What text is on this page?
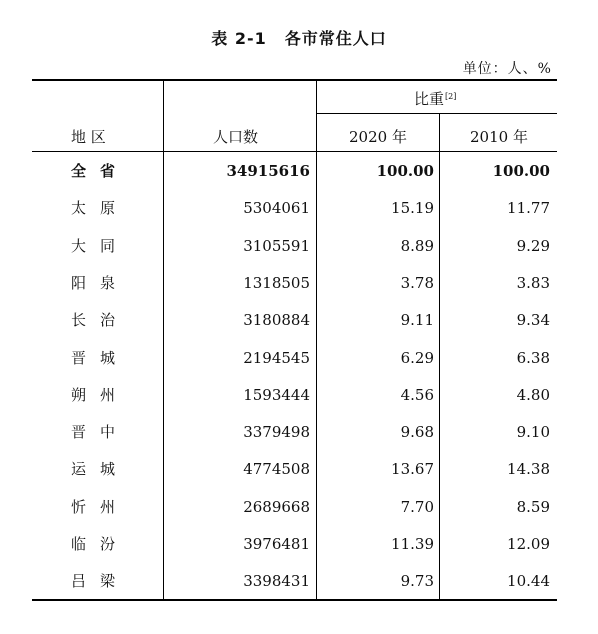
表 2-1 各市常住人口
单位：人、%
地 区	人口数
比重[2]
2020 年	2010 年
全省	34915616	100.00	100.00
太原	5304061	15.19	11.77
大同	3105591	8.89	9.29
阳泉	1318505	3.78	3.83
长治	3180884	9.11	9.34
晋城	2194545	6.29	6.38
朔州	1593444	4.56	4.80
晋中	3379498	9.68	9.10
运城	4774508	13.67	14.38
忻州	2689668	7.70	8.59
临汾	3976481	11.39	12.09
吕梁	3398431	9.73	10.44
